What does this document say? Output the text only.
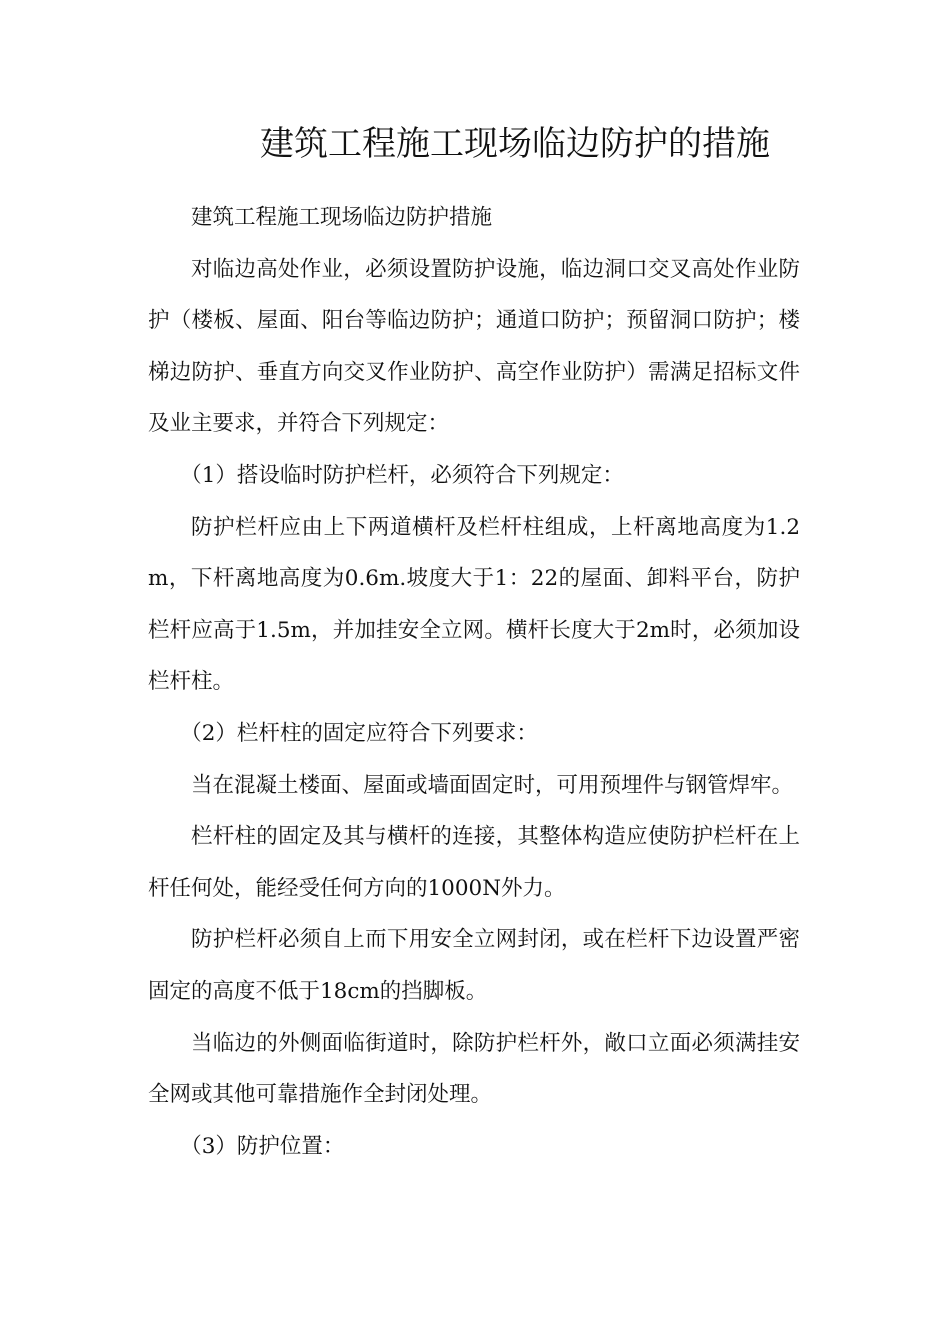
建筑工程施工现场临边防护的措施

建筑工程施工现场临边防护措施

对临边高处作业，必须设置防护设施，临边洞口交叉高处作业防护（楼板、屋面、阳台等临边防护；通道口防护；预留洞口防护；楼梯边防护、垂直方向交叉作业防护、高空作业防护）需满足招标文件及业主要求，并符合下列规定：

（1）搭设临时防护栏杆，必须符合下列规定：

防护栏杆应由上下两道横杆及栏杆柱组成，上杆离地高度为1.2m，下杆离地高度为0.6m.坡度大于1：22的屋面、卸料平台，防护栏杆应高于1.5m，并加挂安全立网。横杆长度大于2m时，必须加设栏杆柱。

（2）栏杆柱的固定应符合下列要求：

当在混凝土楼面、屋面或墙面固定时，可用预埋件与钢管焊牢。

栏杆柱的固定及其与横杆的连接，其整体构造应使防护栏杆在上杆任何处，能经受任何方向的1000N外力。

防护栏杆必须自上而下用安全立网封闭，或在栏杆下边设置严密固定的高度不低于18cm的挡脚板。

当临边的外侧面临街道时，除防护栏杆外，敞口立面必须满挂安全网或其他可靠措施作全封闭处理。

（3）防护位置：
